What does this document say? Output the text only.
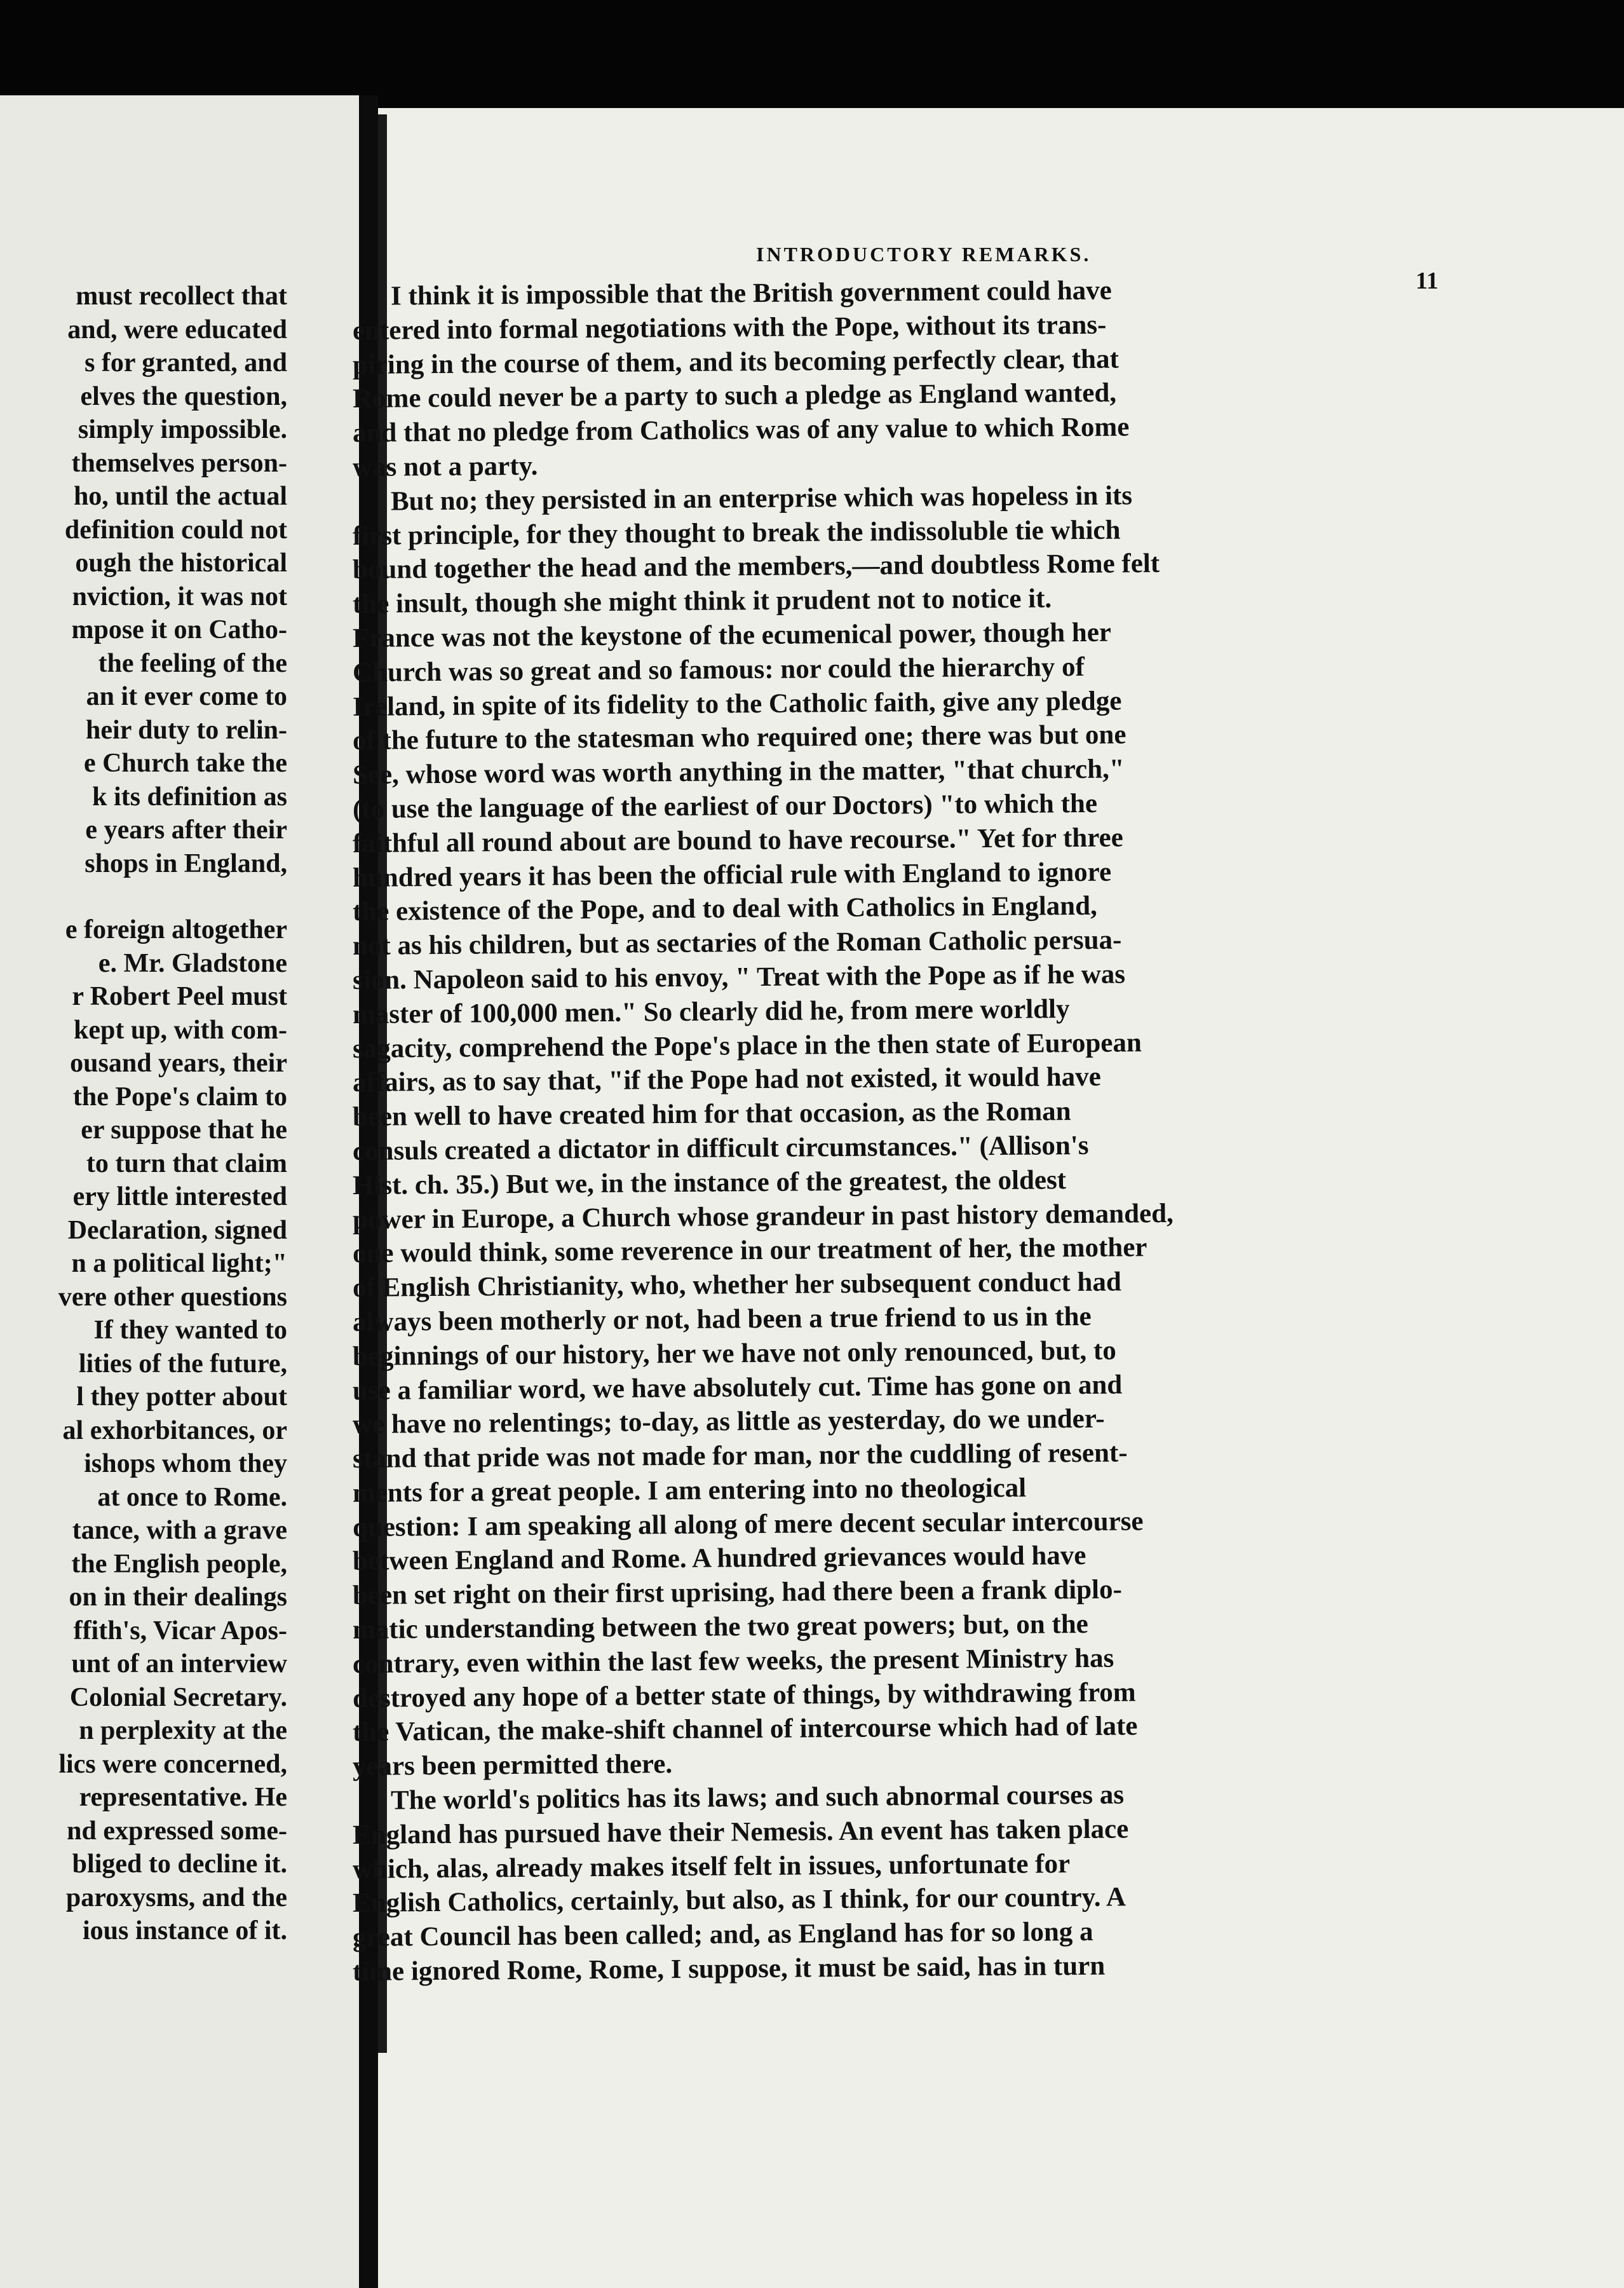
must recollect that
and, were educated
s for granted, and
elves the question,
simply impossible.
themselves person-
ho, until the actual
definition could not
ough the historical
nviction, it was not
mpose it on Catho-
the feeling of the
an it ever come to
heir duty to relin-
e Church take the
k its definition as
e years after their
shops in England,
e foreign altogether
e. Mr. Gladstone
r Robert Peel must
kept up, with com-
ousand years, their
the Pope's claim to
er suppose that he
to turn that claim
ery little interested
Declaration, signed
n a political light;"
vere other questions
If they wanted to
lities of the future,
l they potter about
al exhorbitances, or
ishops whom they
at once to Rome.
tance, with a grave
the English people,
on in their dealings
ffith's, Vicar Apos-
unt of an interview
Colonial Secretary.
n perplexity at the
lics were concerned,
representative. He
nd expressed some-
bliged to decline it.
paroxysms, and the
ious instance of it.
INTRODUCTORY REMARKS.
11
I think it is impossible that the British government could have
entered into formal negotiations with the Pope, without its trans-
piring in the course of them, and its becoming perfectly clear, that
Rome could never be a party to such a pledge as England wanted,
and that no pledge from Catholics was of any value to which Rome
was not a party.
But no; they persisted in an enterprise which was hopeless in its
first principle, for they thought to break the indissoluble tie which
bound together the head and the members,—and doubtless Rome felt
the insult, though she might think it prudent not to notice it.
France was not the keystone of the ecumenical power, though her
Church was so great and so famous: nor could the hierarchy of
Ireland, in spite of its fidelity to the Catholic faith, give any pledge
of the future to the statesman who required one; there was but one
See, whose word was worth anything in the matter, "that church,"
(to use the language of the earliest of our Doctors) "to which the
faithful all round about are bound to have recourse." Yet for three
hundred years it has been the official rule with England to ignore
the existence of the Pope, and to deal with Catholics in England,
not as his children, but as sectaries of the Roman Catholic persua-
sion. Napoleon said to his envoy, " Treat with the Pope as if he was
master of 100,000 men." So clearly did he, from mere worldly
sagacity, comprehend the Pope's place in the then state of European
affairs, as to say that, "if the Pope had not existed, it would have
been well to have created him for that occasion, as the Roman
consuls created a dictator in difficult circumstances." (Allison's
Hist. ch. 35.) But we, in the instance of the greatest, the oldest
power in Europe, a Church whose grandeur in past history demanded,
one would think, some reverence in our treatment of her, the mother
of English Christianity, who, whether her subsequent conduct had
always been motherly or not, had been a true friend to us in the
beginnings of our history, her we have not only renounced, but, to
use a familiar word, we have absolutely cut. Time has gone on and
we have no relentings; to-day, as little as yesterday, do we under-
stand that pride was not made for man, nor the cuddling of resent-
ments for a great people. I am entering into no theological
question: I am speaking all along of mere decent secular intercourse
between England and Rome. A hundred grievances would have
been set right on their first uprising, had there been a frank diplo-
matic understanding between the two great powers; but, on the
contrary, even within the last few weeks, the present Ministry has
destroyed any hope of a better state of things, by withdrawing from
the Vatican, the make-shift channel of intercourse which had of late
years been permitted there.
The world's politics has its laws; and such abnormal courses as
England has pursued have their Nemesis. An event has taken place
which, alas, already makes itself felt in issues, unfortunate for
English Catholics, certainly, but also, as I think, for our country. A
great Council has been called; and, as England has for so long a
time ignored Rome, Rome, I suppose, it must be said, has in turn
